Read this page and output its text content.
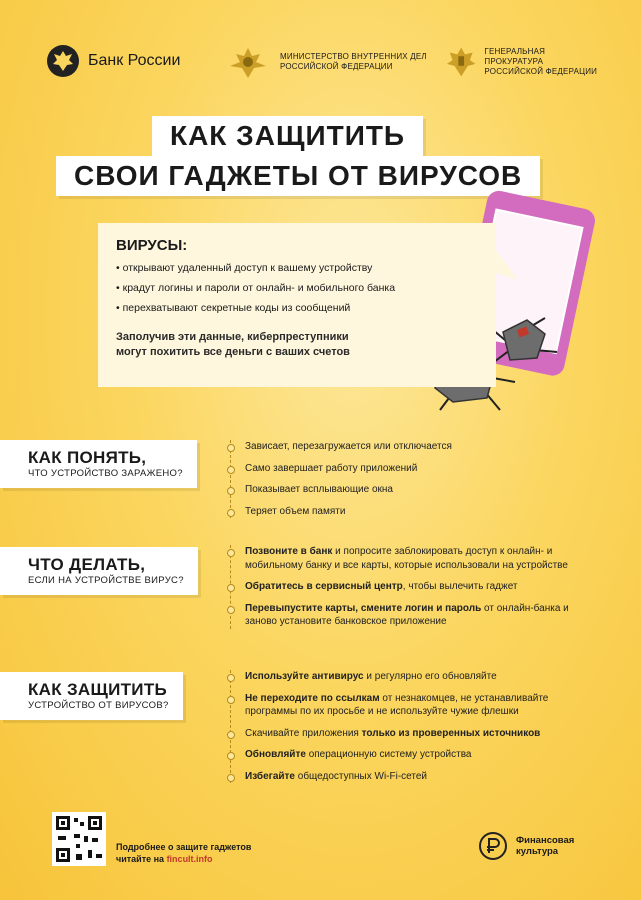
Банк России	МИНИСТЕРСТВО ВНУТРЕННИХ ДЕЛ
РОССИЙСКОЙ ФЕДЕРАЦИИ
ГЕНЕРАЛЬНАЯ ПРОКУРАТУРА
РОССИЙСКОЙ ФЕДЕРАЦИИ
КАК ЗАЩИТИТЬ
СВОИ ГАДЖЕТЫ ОТ ВИРУСОВ
ВИРУСЫ:
• открывают удаленный доступ к вашему устройству
• крадут логины и пароли от онлайн- и мобильного банка
• перехватывают секретные коды из сообщений
Заполучив эти данные, киберпреступники
могут похитить все деньги с ваших счетов
КАК ПОНЯТЬ,
ЧТО УСТРОЙСТВО ЗАРАЖЕНО?
Зависает, перезагружается или отключается
Само завершает работу приложений
Показывает всплывающие окна
Теряет объем памяти
ЧТО ДЕЛАТЬ,
ЕСЛИ НА УСТРОЙСТВЕ ВИРУС?
Позвоните в банк и попросите заблокировать доступ к онлайн- и мобильному банку и все карты, которые использовали на устройстве
Обратитесь в сервисный центр, чтобы вылечить гаджет
Перевыпустите карты, смените логин и пароль от онлайн-банка и заново установите банковское приложение
КАК ЗАЩИТИТЬ
УСТРОЙСТВО ОТ ВИРУСОВ?
Используйте антивирус и регулярно его обновляйте
Не переходите по ссылкам от незнакомцев, не устанавливайте программы по их просьбе и не используйте чужие флешки
Скачивайте приложения только из проверенных источников
Обновляйте операционную систему устройства
Избегайте общедоступных Wi-Fi-сетей
Подробнее о защите гаджетов
читайте на fincult.info
Финансовая
культура
